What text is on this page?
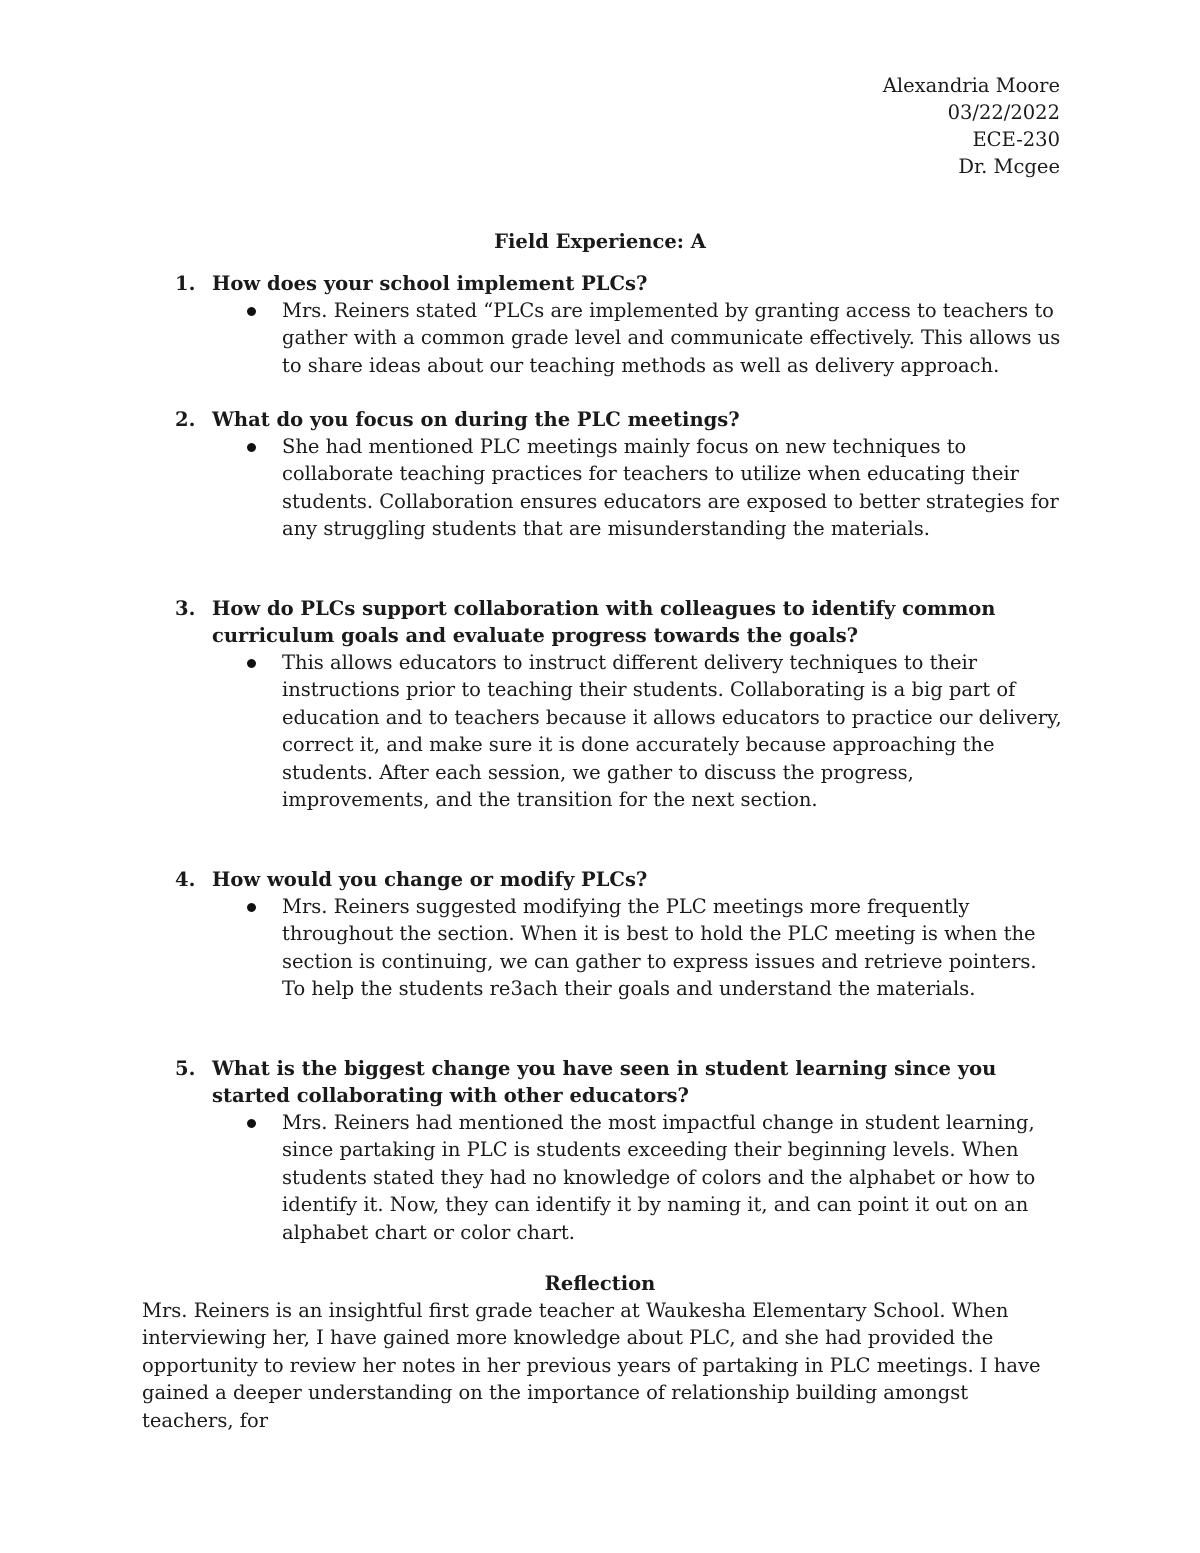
Alexandria Moore
03/22/2022
ECE-230
Dr. Mcgee
Field Experience: A
1. How does your school implement PLCs?
Mrs. Reiners stated “PLCs are implemented by granting access to teachers to gather with a common grade level and communicate effectively. This allows us to share ideas about our teaching methods as well as delivery approach.
2. What do you focus on during the PLC meetings?
She had mentioned PLC meetings mainly focus on new techniques to collaborate teaching practices for teachers to utilize when educating their students. Collaboration ensures educators are exposed to better strategies for any struggling students that are misunderstanding the materials.
3. How do PLCs support collaboration with colleagues to identify common curriculum goals and evaluate progress towards the goals?
This allows educators to instruct different delivery techniques to their instructions prior to teaching their students. Collaborating is a big part of education and to teachers because it allows educators to practice our delivery, correct it, and make sure it is done accurately because approaching the students. After each session, we gather to discuss the progress, improvements, and the transition for the next section.
4. How would you change or modify PLCs?
Mrs. Reiners suggested modifying the PLC meetings more frequently throughout the section. When it is best to hold the PLC meeting is when the section is continuing, we can gather to express issues and retrieve pointers. To help the students re3ach their goals and understand the materials.
5. What is the biggest change you have seen in student learning since you started collaborating with other educators?
Mrs. Reiners had mentioned the most impactful change in student learning, since partaking in PLC is students exceeding their beginning levels. When students stated they had no knowledge of colors and the alphabet or how to identify it. Now, they can identify it by naming it, and can point it out on an alphabet chart or color chart.
Reflection
Mrs. Reiners is an insightful first grade teacher at Waukesha Elementary School. When interviewing her, I have gained more knowledge about PLC, and she had provided the opportunity to review her notes in her previous years of partaking in PLC meetings. I have gained a deeper understanding on the importance of relationship building amongst teachers, for
